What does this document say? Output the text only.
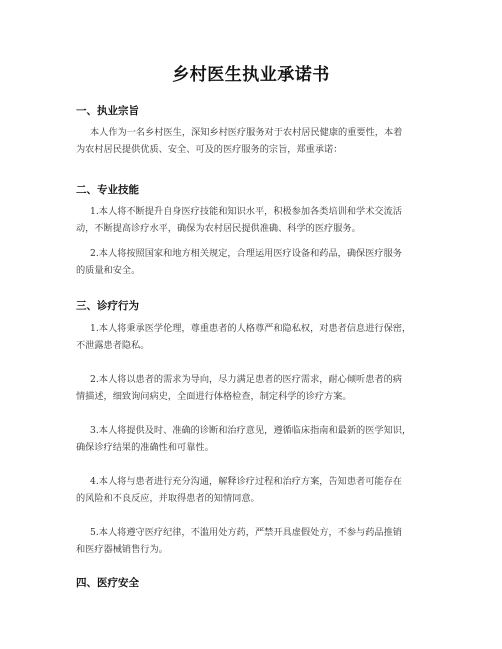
乡村医生执业承诺书
一、执业宗旨
本人作为一名乡村医生，深知乡村医疗服务对于农村居民健康的重要性，本着
为农村居民提供优质、安全、可及的医疗服务的宗旨，郑重承诺：
二、专业技能
1.本人将不断提升自身医疗技能和知识水平，积极参加各类培训和学术交流活
动，不断提高诊疗水平，确保为农村居民提供准确、科学的医疗服务。
2.本人将按照国家和地方相关规定，合理运用医疗设备和药品，确保医疗服务
的质量和安全。
三、诊疗行为
1.本人将秉承医学伦理，尊重患者的人格尊严和隐私权，对患者信息进行保密，
不泄露患者隐私。
2.本人将以患者的需求为导向，尽力满足患者的医疗需求，耐心倾听患者的病
情描述，细致询问病史，全面进行体格检查，制定科学的诊疗方案。
3.本人将提供及时、准确的诊断和治疗意见，遵循临床指南和最新的医学知识，
确保诊疗结果的准确性和可靠性。
4.本人将与患者进行充分沟通，解释诊疗过程和治疗方案，告知患者可能存在
的风险和不良反应，并取得患者的知情同意。
5.本人将遵守医疗纪律，不滥用处方药，严禁开具虚假处方，不参与药品推销
和医疗器械销售行为。
四、医疗安全
